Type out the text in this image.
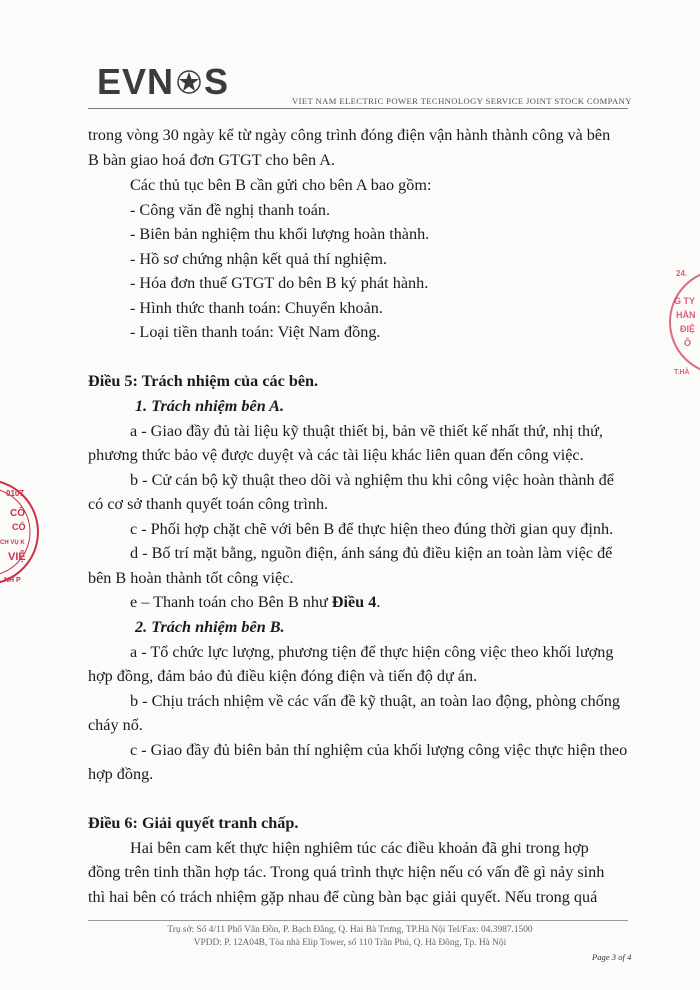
EVN S	VIET NAM ELECTRIC POWER TECHNOLOGY SERVICE JOINT STOCK COMPANY
trong vòng 30 ngày kể từ ngày công trình đóng điện vận hành thành công và bên
B bàn giao hoá đơn GTGT cho bên A.
Các thủ tục bên B cần gửi cho bên A bao gồm:
- Công văn đề nghị thanh toán.
- Biên bản nghiệm thu khối lượng hoàn thành.
- Hồ sơ chứng nhận kết quả thí nghiệm.
- Hóa đơn thuế GTGT do bên B ký phát hành.
- Hình thức thanh toán: Chuyển khoản.
- Loại tiền thanh toán: Việt Nam đồng.
Điều 5: Trách nhiệm của các bên.
1. Trách nhiệm bên A.
a - Giao đầy đủ tài liệu kỹ thuật thiết bị, bản vẽ thiết kế nhất thứ, nhị thứ,
phương thức bảo vệ được duyệt và các tài liệu khác liên quan đến công việc.
b - Cử cán bộ kỹ thuật theo dõi và nghiệm thu khi công việc hoàn thành để
có cơ sở thanh quyết toán công trình.
c - Phối hợp chặt chẽ với bên B để thực hiện theo đúng thời gian quy định.
d - Bố trí mặt bằng, nguồn điện, ánh sáng đủ điều kiện an toàn làm việc để
bên B hoàn thành tốt công việc.
e – Thanh toán cho Bên B như Điều 4.
2. Trách nhiệm bên B.
a - Tổ chức lực lượng, phương tiện để thực hiện công việc theo khối lượng
hợp đồng, đảm bảo đủ điều kiện đóng điện và tiến độ dự án.
b - Chịu trách nhiệm về các vấn đề kỹ thuật, an toàn lao động, phòng chống
cháy nổ.
c - Giao đầy đủ biên bản thí nghiệm của khối lượng công việc thực hiện theo
hợp đồng.
Điều 6: Giải quyết tranh chấp.
Hai bên cam kết thực hiện nghiêm túc các điều khoản đã ghi trong hợp
đồng trên tinh thần hợp tác. Trong quá trình thực hiện nếu có vấn đề gì nảy sinh
thì hai bên có trách nhiệm gặp nhau để cùng bàn bạc giải quyết. Nếu trong quá
Trụ sở: Số 4/11 Phố Vân Đồn, P. Bạch Đằng, Q. Hai Bà Trưng, TP.Hà Nội Tel/Fax: 04.3987.1500
VPDD: P. 12A04B, Tòa nhà Elip Tower, số 110 Trần Phú, Q. Hà Đông, Tp. Hà Nội
Page 3 of 4
0107
CÔ
CỔ
CH VỤ K
VIỆ
NH P
24.
G TY
HẦN
ĐIỆ
Ô
T.HÀ
